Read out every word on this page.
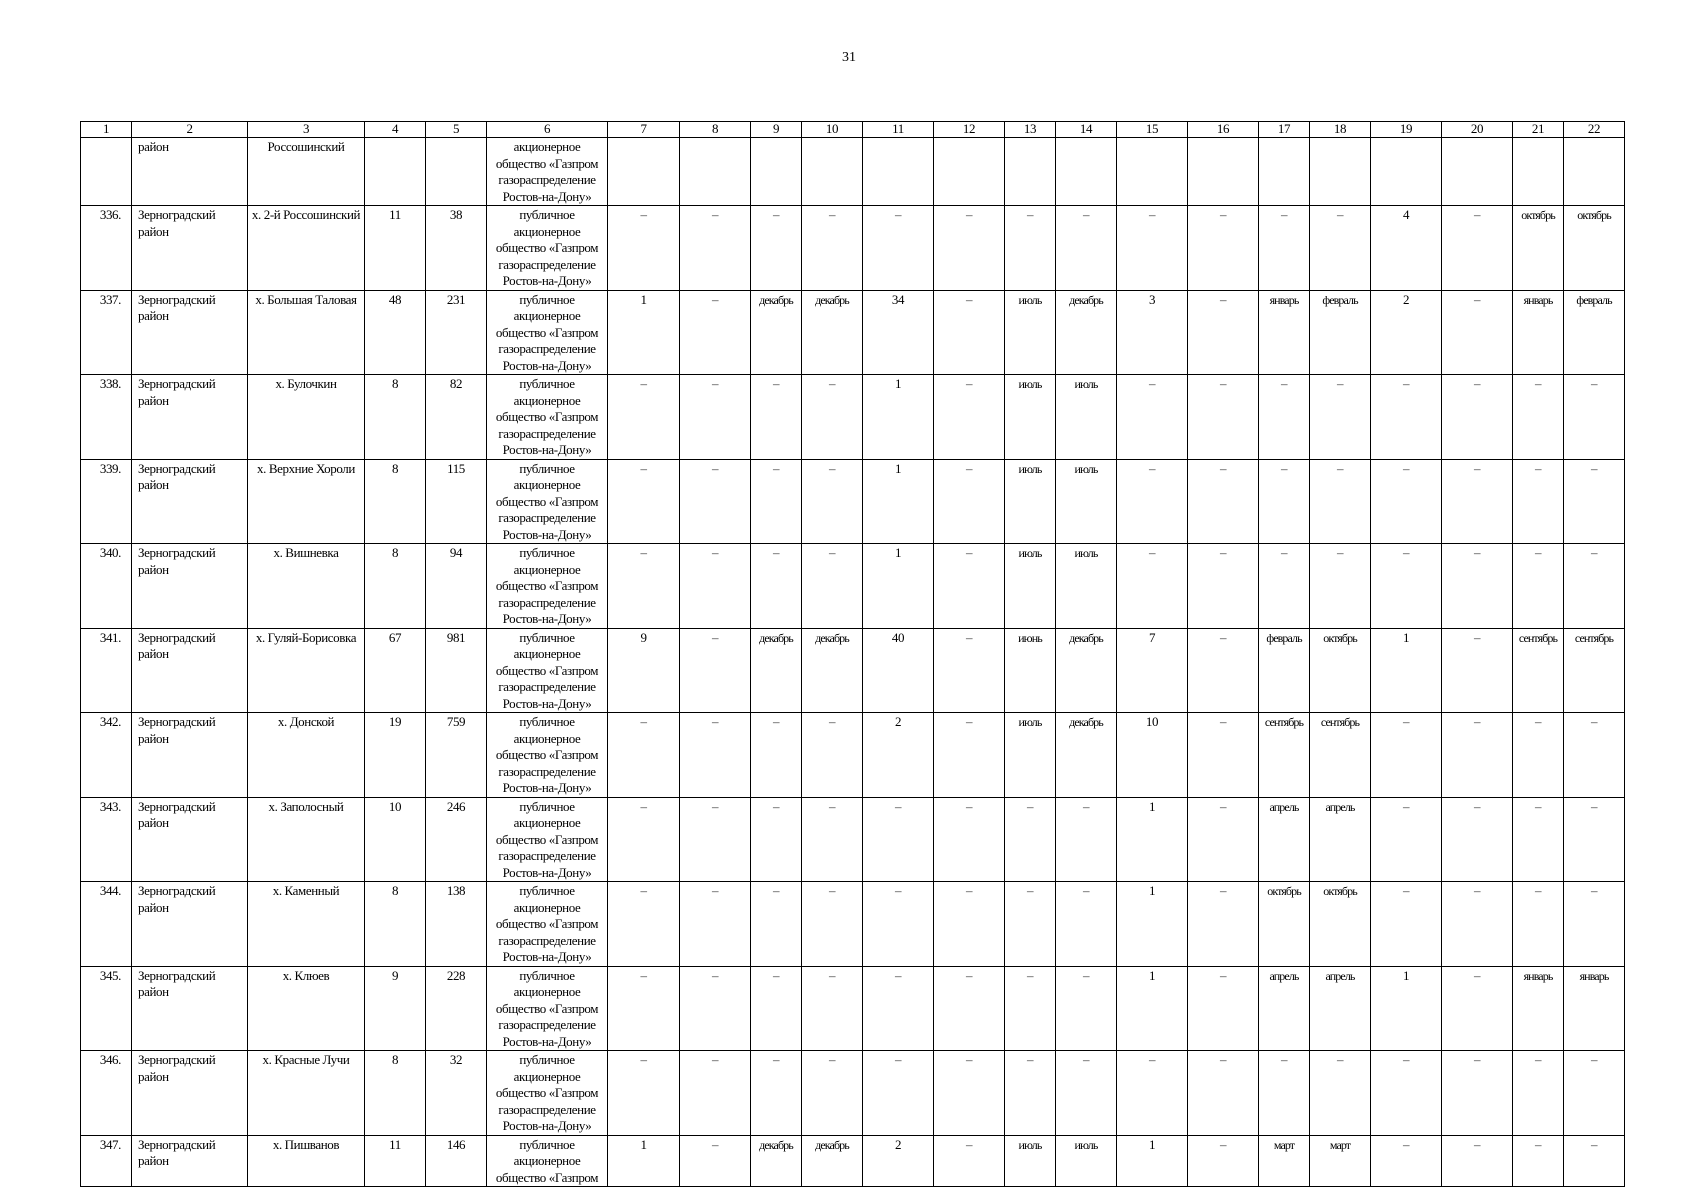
31
1	2	3	4	5	6	7	8	9	10	11	12	13	14	15	16	17	18	19	20	21	22
	район	Россошинский			акционерное общество «Газпром газораспределение Ростов-на-Дону»																
336.	Зерноградский район	х. 2-й Россошинский	11	38	публичное акционерное общество «Газпром газораспределение Ростов-на-Дону»	–	–	–	–	–	–	–	–	–	–	–	–	4	–	октябрь	октябрь
337.	Зерноградский район	х. Большая Таловая	48	231	публичное акционерное общество «Газпром газораспределение Ростов-на-Дону»	1	–	декабрь	декабрь	34	–	июль	декабрь	3	–	январь	февраль	2	–	январь	февраль
338.	Зерноградский район	х. Булочкин	8	82	публичное акционерное общество «Газпром газораспределение Ростов-на-Дону»	–	–	–	–	1	–	июль	июль	–	–	–	–	–	–	–	–
339.	Зерноградский район	х. Верхние Хороли	8	115	публичное акционерное общество «Газпром газораспределение Ростов-на-Дону»	–	–	–	–	1	–	июль	июль	–	–	–	–	–	–	–	–
340.	Зерноградский район	х. Вишневка	8	94	публичное акционерное общество «Газпром газораспределение Ростов-на-Дону»	–	–	–	–	1	–	июль	июль	–	–	–	–	–	–	–	–
341.	Зерноградский район	х. Гуляй-Борисовка	67	981	публичное акционерное общество «Газпром газораспределение Ростов-на-Дону»	9	–	декабрь	декабрь	40	–	июнь	декабрь	7	–	февраль	октябрь	1	–	сентябрь	сентябрь
342.	Зерноградский район	х. Донской	19	759	публичное акционерное общество «Газпром газораспределение Ростов-на-Дону»	–	–	–	–	2	–	июль	декабрь	10	–	сентябрь	сентябрь	–	–	–	–
343.	Зерноградский район	х. Заполосный	10	246	публичное акционерное общество «Газпром газораспределение Ростов-на-Дону»	–	–	–	–	–	–	–	–	1	–	апрель	апрель	–	–	–	–
344.	Зерноградский район	х. Каменный	8	138	публичное акционерное общество «Газпром газораспределение Ростов-на-Дону»	–	–	–	–	–	–	–	–	1	–	октябрь	октябрь	–	–	–	–
345.	Зерноградский район	х. Клюев	9	228	публичное акционерное общество «Газпром газораспределение Ростов-на-Дону»	–	–	–	–	–	–	–	–	1	–	апрель	апрель	1	–	январь	январь
346.	Зерноградский район	х. Красные Лучи	8	32	публичное акционерное общество «Газпром газораспределение Ростов-на-Дону»	–	–	–	–	–	–	–	–	–	–	–	–	–	–	–	–
347.	Зерноградский район	х. Пишванов	11	146	публичное акционерное общество «Газпром	1	–	декабрь	декабрь	2	–	июль	июль	1	–	март	март	–	–	–	–
